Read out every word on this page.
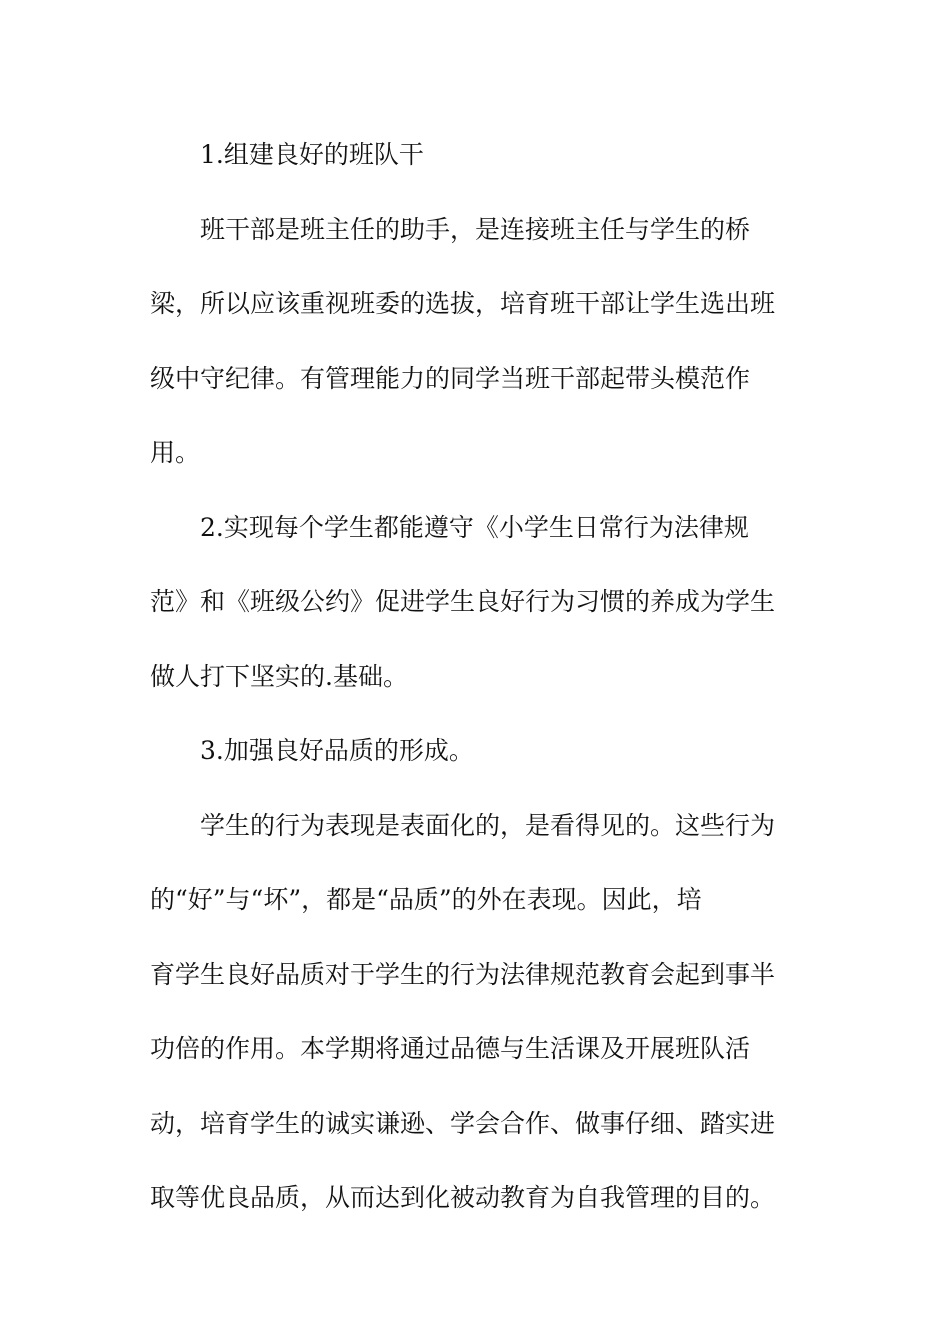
1.组建良好的班队干
班干部是班主任的助手，是连接班主任与学生的桥
梁，所以应该重视班委的选拔，培育班干部让学生选出班
级中守纪律。有管理能力的同学当班干部起带头模范作
用。
2.实现每个学生都能遵守《小学生日常行为法律规
范》和《班级公约》促进学生良好行为习惯的养成为学生
做人打下坚实的.基础。
3.加强良好品质的形成。
学生的行为表现是表面化的，是看得见的。这些行为
的“好”与“坏”，都是“品质”的外在表现。因此，培
育学生良好品质对于学生的行为法律规范教育会起到事半
功倍的作用。本学期将通过品德与生活课及开展班队活
动，培育学生的诚实谦逊、学会合作、做事仔细、踏实进
取等优良品质，从而达到化被动教育为自我管理的目的。
